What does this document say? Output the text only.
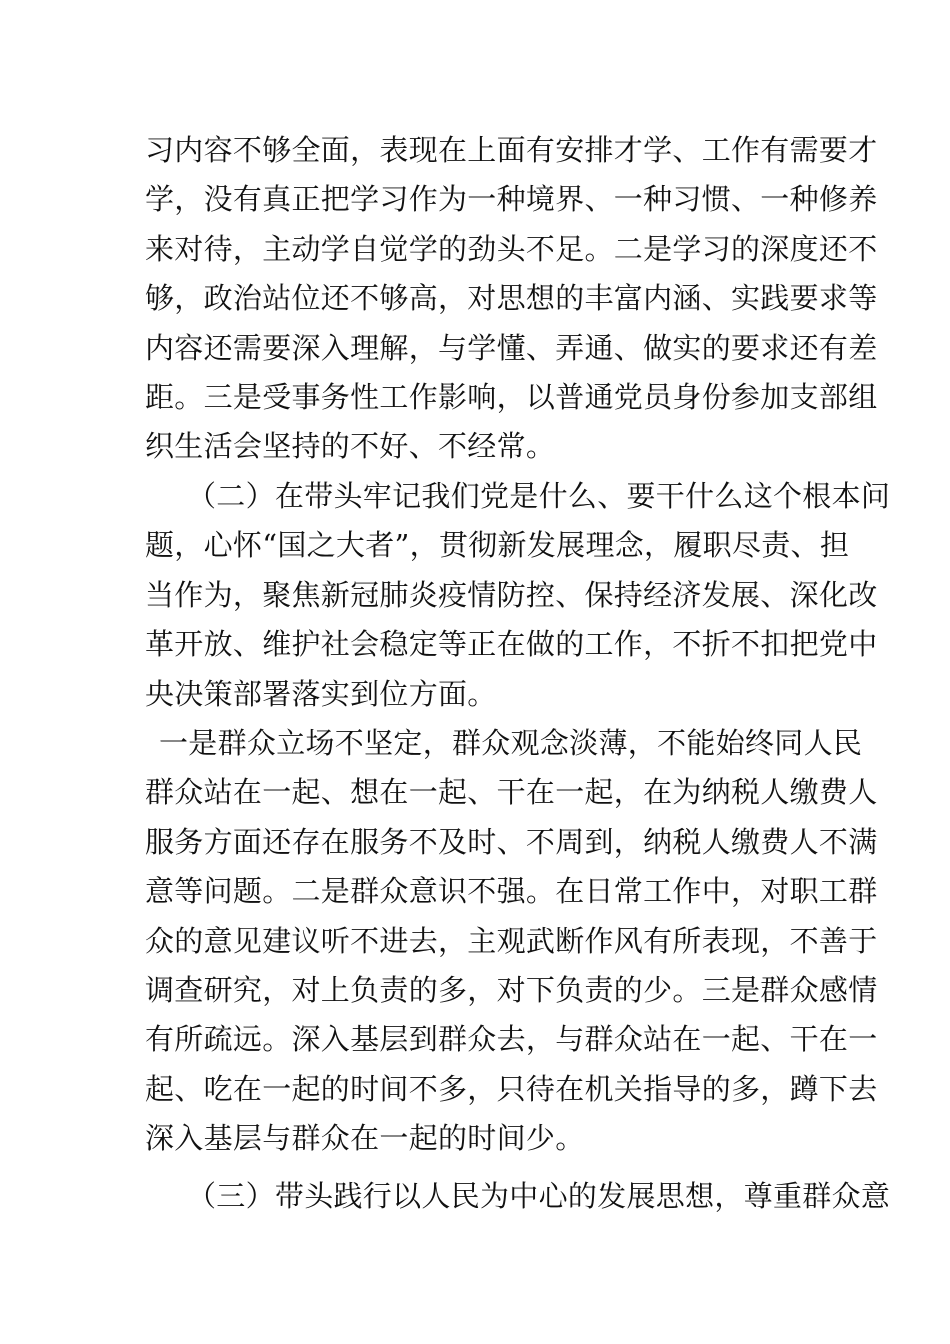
习内容不够全面，表现在上面有安排才学、工作有需要才
学，没有真正把学习作为一种境界、一种习惯、一种修养
来对待，主动学自觉学的劲头不足。二是学习的深度还不
够，政治站位还不够高，对思想的丰富内涵、实践要求等
内容还需要深入理解，与学懂、弄通、做实的要求还有差
距。三是受事务性工作影响，以普通党员身份参加支部组
织生活会坚持的不好、不经常。
（二）在带头牢记我们党是什么、要干什么这个根本问
题，心怀“国之大者”，贯彻新发展理念，履职尽责、担
当作为，聚焦新冠肺炎疫情防控、保持经济发展、深化改
革开放、维护社会稳定等正在做的工作，不折不扣把党中
央决策部署落实到位方面。
一是群众立场不坚定，群众观念淡薄，不能始终同人民
群众站在一起、想在一起、干在一起，在为纳税人缴费人
服务方面还存在服务不及时、不周到，纳税人缴费人不满
意等问题。二是群众意识不强。在日常工作中，对职工群
众的意见建议听不进去，主观武断作风有所表现，不善于
调查研究，对上负责的多，对下负责的少。三是群众感情
有所疏远。深入基层到群众去，与群众站在一起、干在一
起、吃在一起的时间不多，只待在机关指导的多，蹲下去
深入基层与群众在一起的时间少。
（三）带头践行以人民为中心的发展思想，尊重群众意
